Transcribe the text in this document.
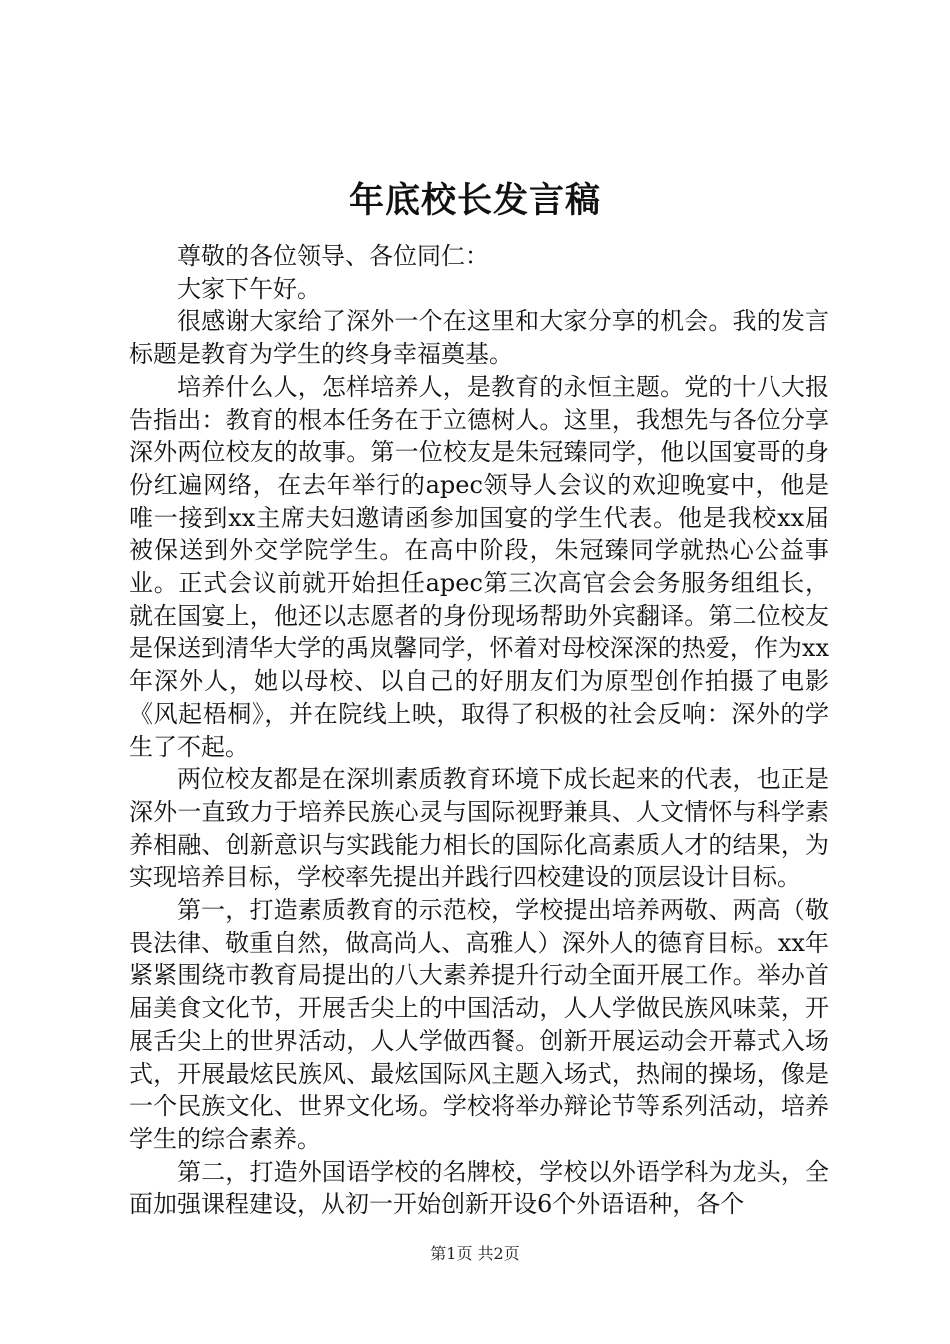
年底校长发言稿

尊敬的各位领导、各位同仁：

大家下午好。

很感谢大家给了深外一个在这里和大家分享的机会。我的发言标题是教育为学生的终身幸福奠基。

培养什么人，怎样培养人，是教育的永恒主题。党的十八大报告指出：教育的根本任务在于立德树人。这里，我想先与各位分享深外两位校友的故事。第一位校友是朱冠臻同学，他以国宴哥的身份红遍网络，在去年举行的apec领导人会议的欢迎晚宴中，他是唯一接到xx主席夫妇邀请函参加国宴的学生代表。他是我校xx届被保送到外交学院学生。在高中阶段，朱冠臻同学就热心公益事业。正式会议前就开始担任apec第三次高官会会务服务组组长，就在国宴上，他还以志愿者的身份现场帮助外宾翻译。第二位校友是保送到清华大学的禹岚馨同学，怀着对母校深深的热爱，作为xx年深外人，她以母校、以自己的好朋友们为原型创作拍摄了电影《风起梧桐》，并在院线上映，取得了积极的社会反响：深外的学生了不起。

两位校友都是在深圳素质教育环境下成长起来的代表，也正是深外一直致力于培养民族心灵与国际视野兼具、人文情怀与科学素养相融、创新意识与实践能力相长的国际化高素质人才的结果，为实现培养目标，学校率先提出并践行四校建设的顶层设计目标。

第一，打造素质教育的示范校，学校提出培养两敬、两高（敬畏法律、敬重自然，做高尚人、高雅人）深外人的德育目标。xx年紧紧围绕市教育局提出的八大素养提升行动全面开展工作。举办首届美食文化节，开展舌尖上的中国活动，人人学做民族风味菜，开展舌尖上的世界活动，人人学做西餐。创新开展运动会开幕式入场式，开展最炫民族风、最炫国际风主题入场式，热闹的操场，像是一个民族文化、世界文化场。学校将举办辩论节等系列活动，培养学生的综合素养。

第二，打造外国语学校的名牌校，学校以外语学科为龙头，全面加强课程建设，从初一开始创新开设6个外语语种，各个

第1页 共2页
